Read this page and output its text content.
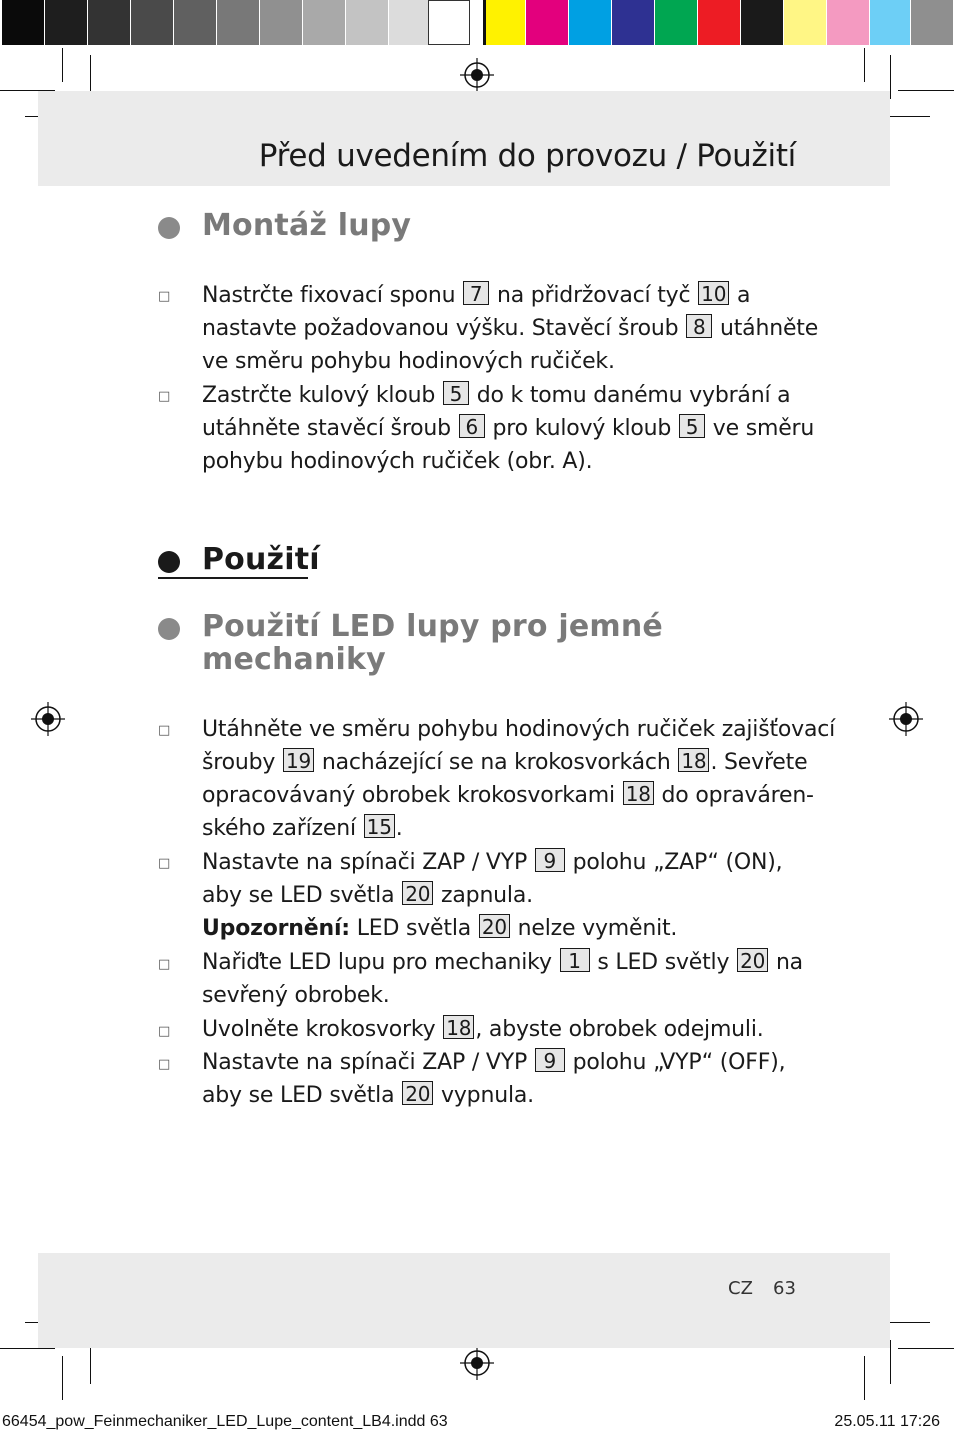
Před uvedením do provozu / Použití
Montáž lupy
□ Nastrčte fixovací sponu 7 na přidržovací tyč 10 a
nastavte požadovanou výšku. Stavěcí šroub 8 utáhněte
ve směru pohybu hodinových ručiček.
□ Zastrčte kulový kloub 5 do k tomu danému vybrání a
utáhněte stavěcí šroub 6 pro kulový kloub 5 ve směru
pohybu hodinových ručiček (obr. A).
Použití
Použití LED lupy pro jemné
mechaniky
□ Utáhněte ve směru pohybu hodinových ručiček zajišťovací
šrouby 19 nacházející se na krokosvorkách 18 . Sevřete
opracovávaný obrobek krokosvorkami 18 do opraváren-
ského zařízení 15 .
□ Nastavte na spínači ZAP / VYP 9 polohu „ZAP“ (ON),
aby se LED světla 20 zapnula.
Upozornění: LED světla 20 nelze vyměnit.
□ Nařiďte LED lupu pro mechaniky 1 s LED světly 20 na
sevřený obrobek.
□ Uvolněte krokosvorky 18 , abyste obrobek odejmuli.
□ Nastavte na spínači ZAP / VYP 9 polohu „VYP“ (OFF),
aby se LED světla 20 vypnula.
CZ 63
66454_pow_Feinmechaniker_LED_Lupe_content_LB4.indd 63	25.05.11 17:26
